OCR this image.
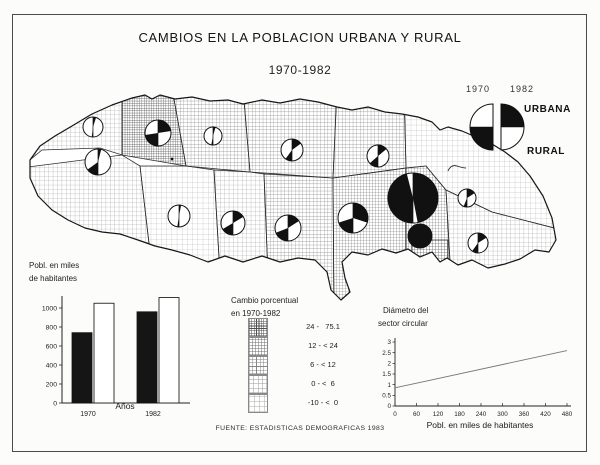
0
200
400
600
800
1000
1970	1982
0
0.5
1
1.5
2
2.5
3
0	60 120 180 240 300 360 420 480
CAMBIOS EN LA POBLACION URBANA Y RURAL
1970-1982
1970	1982
URBANA
RURAL
Pobl. en miles
de habitantes
Años
Cambio porcentual
en 1970-1982
24 -   75.1
12 - < 24
6 - < 12
0 - <  6
-10 - <  0
Diámetro del
sector circular
Pobl. en miles de habitantes
FUENTE: ESTADISTICAS DEMOGRAFICAS 1983
